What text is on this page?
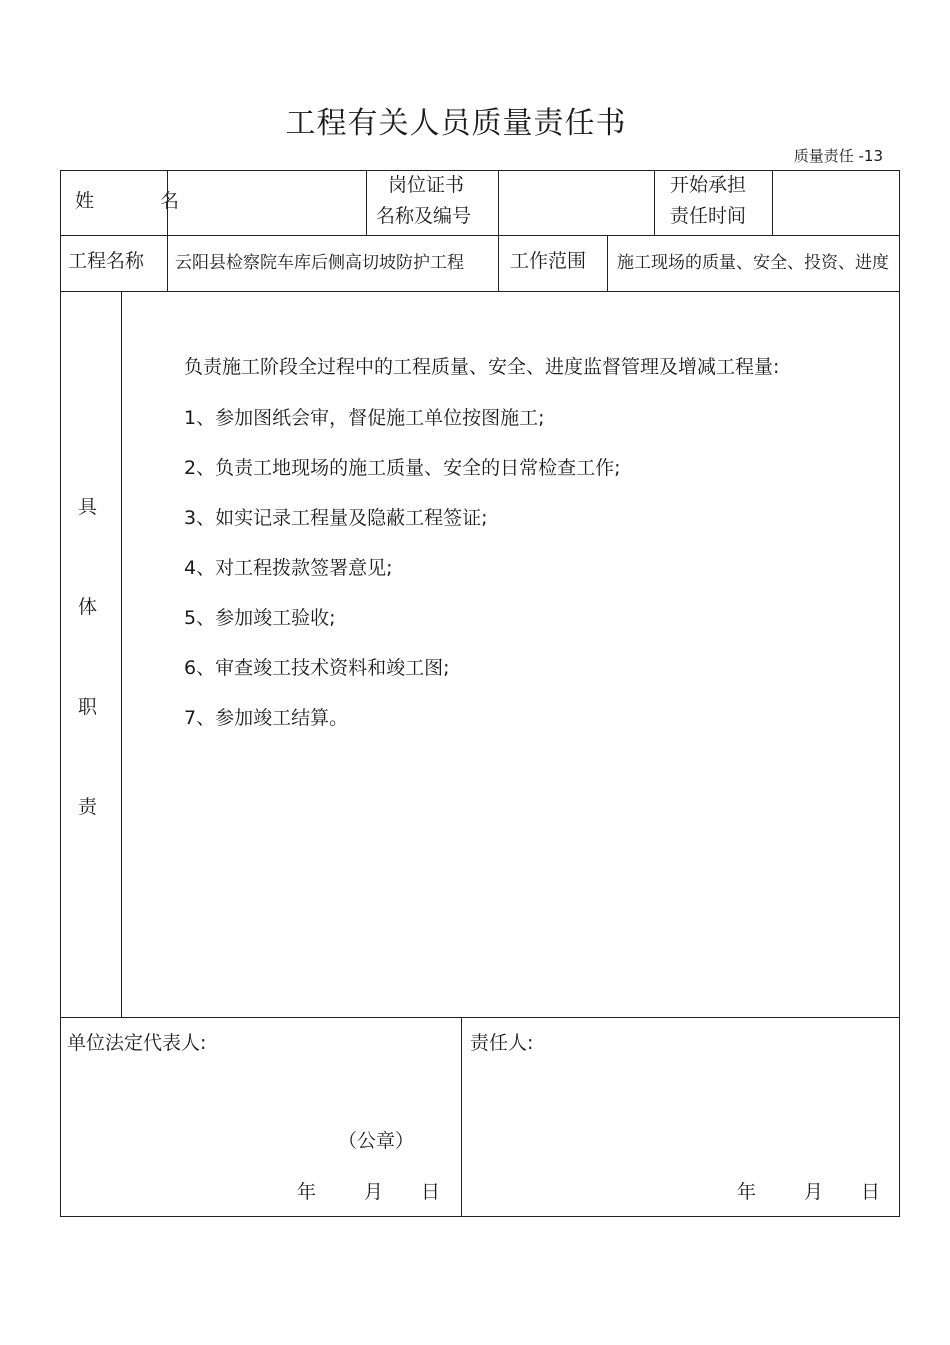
工程有关人员质量责任书
质量责任 -13
姓 名
岗位证书
名称及编号
开始承担
责任时间
工程名称 云阳县检察院车库后侧高切坡防护工程 工作范围 施工现场的质量、安全、投资、进度
具
体
职
责
负责施工阶段全过程中的工程质量、安全、进度监督管理及增减工程量:
1、参加图纸会审，督促施工单位按图施工;
2、负责工地现场的施工质量、安全的日常检查工作;
3、如实记录工程量及隐蔽工程签证;
4、对工程拨款签署意见;
5、参加竣工验收;
6、审查竣工技术资料和竣工图;
7、参加竣工结算。
单位法定代表人:
（公章）
年	月 日
责任人:
年	月 日
